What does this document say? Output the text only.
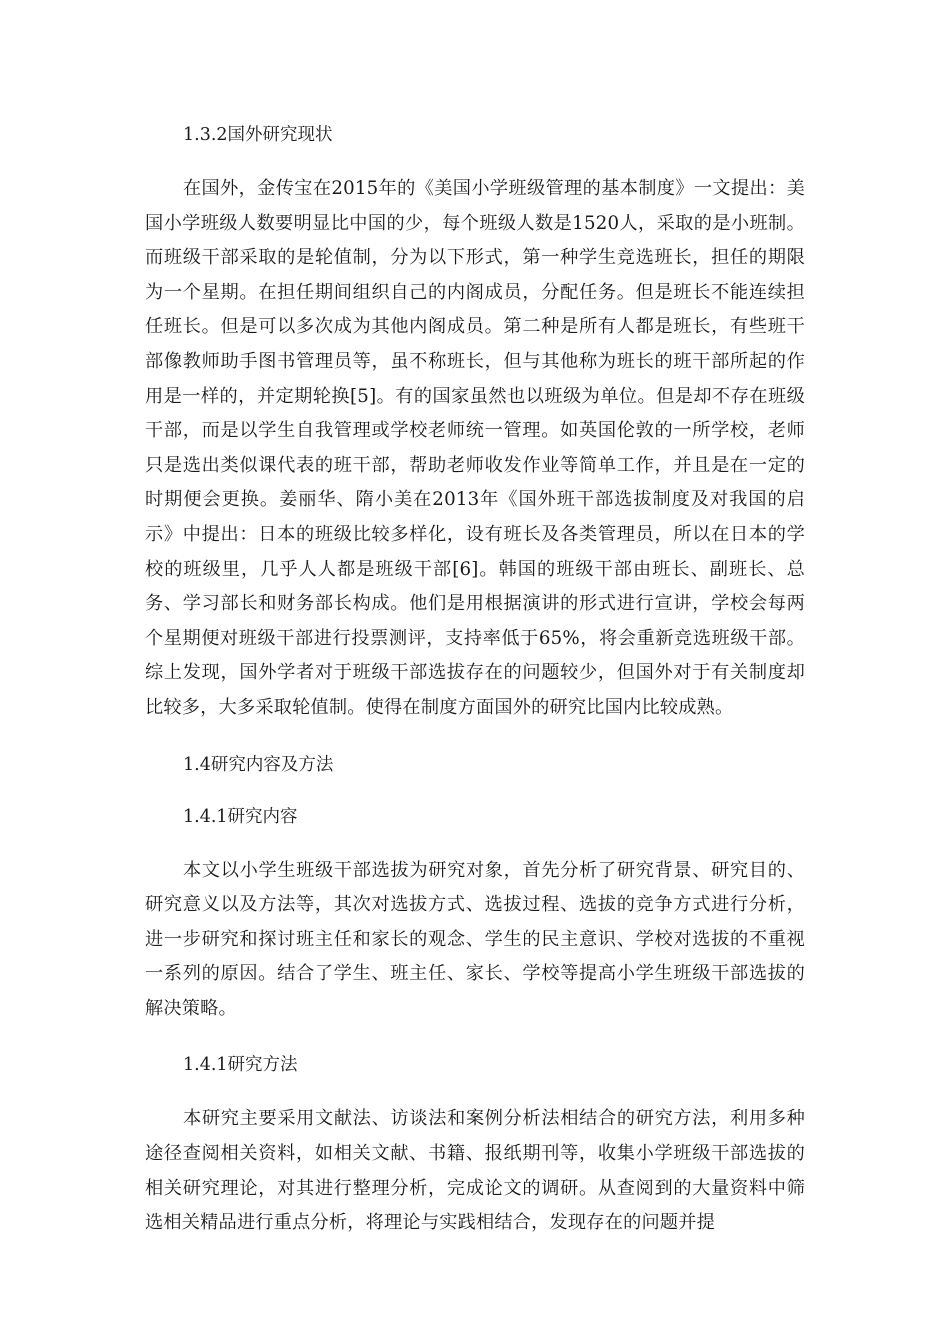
1.3.2国外研究现状

在国外，金传宝在2015年的《美国小学班级管理的基本制度》一文提出：美国小学班级人数要明显比中国的少，每个班级人数是1520人，采取的是小班制。而班级干部采取的是轮值制，分为以下形式，第一种学生竞选班长，担任的期限为一个星期。在担任期间组织自己的内阁成员，分配任务。但是班长不能连续担任班长。但是可以多次成为其他内阁成员。第二种是所有人都是班长，有些班干部像教师助手图书管理员等，虽不称班长，但与其他称为班长的班干部所起的作用是一样的，并定期轮换[5]。有的国家虽然也以班级为单位。但是却不存在班级干部，而是以学生自我管理或学校老师统一管理。如英国伦敦的一所学校，老师只是选出类似课代表的班干部，帮助老师收发作业等简单工作，并且是在一定的时期便会更换。姜丽华、隋小美在2013年《国外班干部选拔制度及对我国的启示》中提出：日本的班级比较多样化，设有班长及各类管理员，所以在日本的学校的班级里，几乎人人都是班级干部[6]。韩国的班级干部由班长、副班长、总务、学习部长和财务部长构成。他们是用根据演讲的形式进行宣讲，学校会每两个星期便对班级干部进行投票测评，支持率低于65%，将会重新竞选班级干部。综上发现，国外学者对于班级干部选拔存在的问题较少，但国外对于有关制度却比较多，大多采取轮值制。使得在制度方面国外的研究比国内比较成熟。

1.4研究内容及方法

1.4.1研究内容

本文以小学生班级干部选拔为研究对象，首先分析了研究背景、研究目的、研究意义以及方法等，其次对选拔方式、选拔过程、选拔的竞争方式进行分析，进一步研究和探讨班主任和家长的观念、学生的民主意识、学校对选拔的不重视一系列的原因。结合了学生、班主任、家长、学校等提高小学生班级干部选拔的解决策略。

1.4.1研究方法

本研究主要采用文献法、访谈法和案例分析法相结合的研究方法，利用多种途径查阅相关资料，如相关文献、书籍、报纸期刊等，收集小学班级干部选拔的相关研究理论，对其进行整理分析，完成论文的调研。从查阅到的大量资料中筛选相关精品进行重点分析，将理论与实践相结合，发现存在的问题并提
